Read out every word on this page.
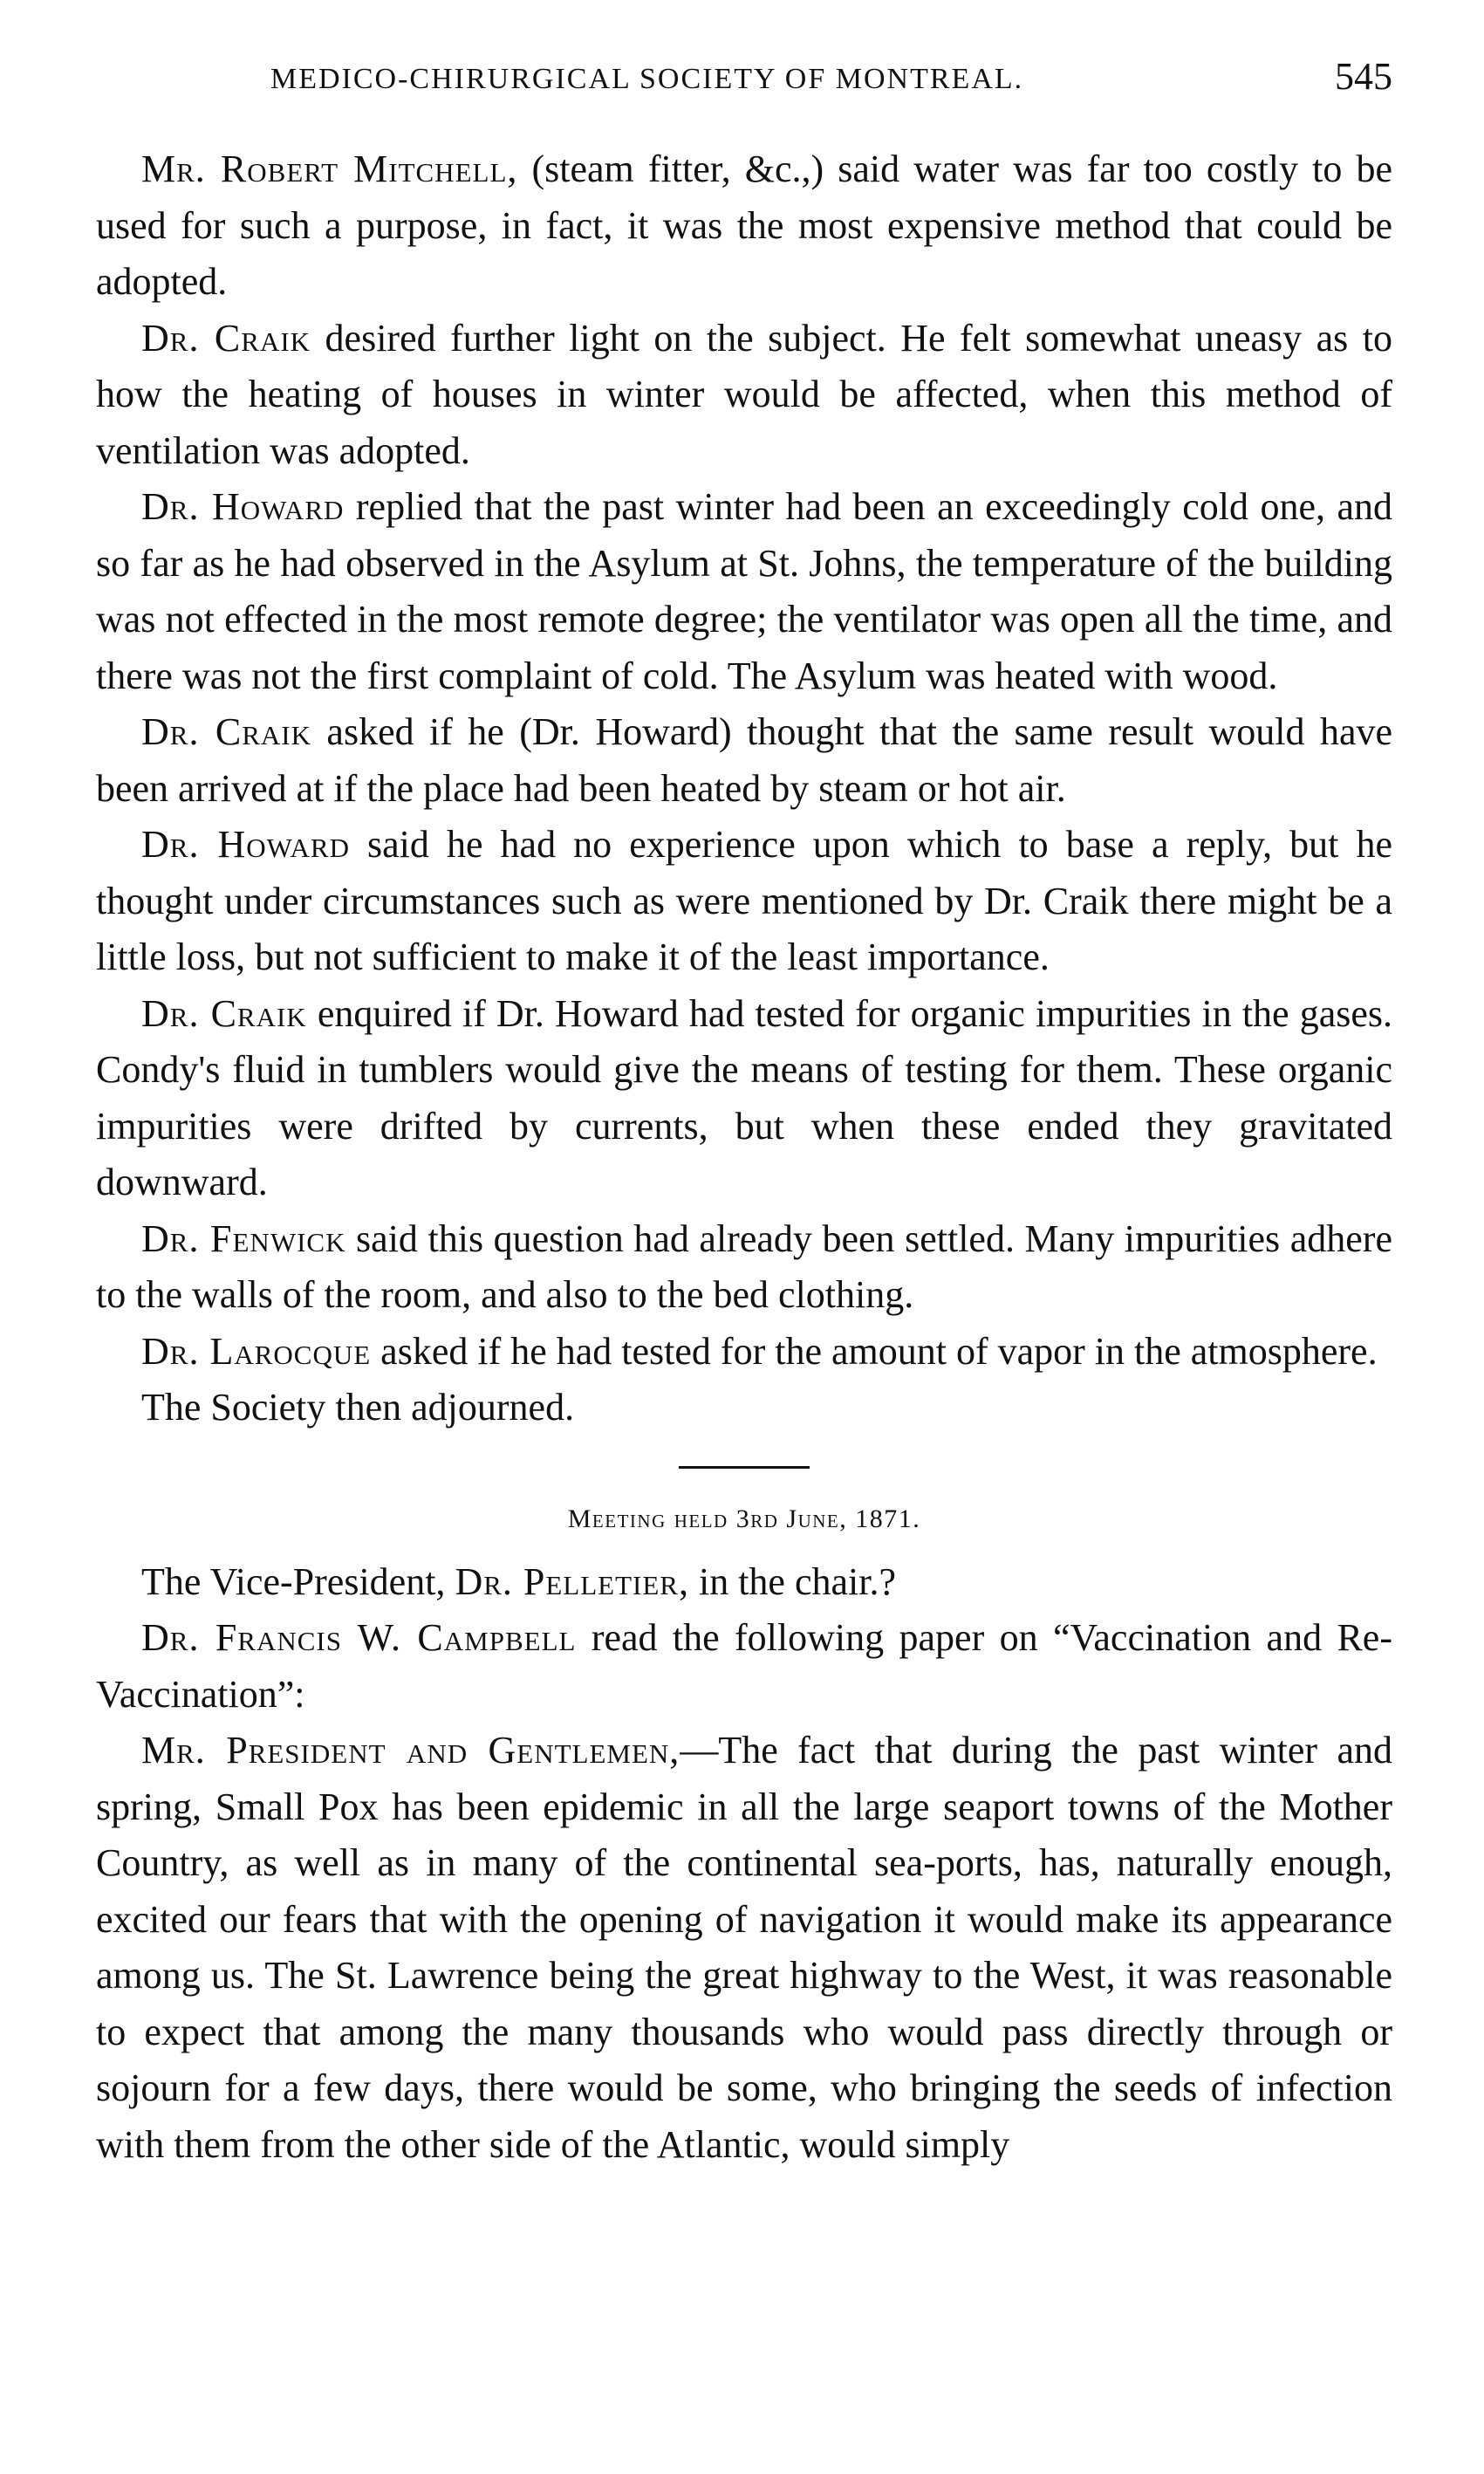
MEDICO-CHIRURGICAL SOCIETY OF MONTREAL.	545

Mr. Robert Mitchell, (steam fitter, &c.,) said water was far too costly to be used for such a purpose, in fact, it was the most expensive method that could be adopted.

Dr. Craik desired further light on the subject. He felt somewhat uneasy as to how the heating of houses in winter would be affected, when this method of ventilation was adopted.

Dr. Howard replied that the past winter had been an exceedingly cold one, and so far as he had observed in the Asylum at St. Johns, the temperature of the building was not effected in the most remote degree; the ventilator was open all the time, and there was not the first complaint of cold. The Asylum was heated with wood.

Dr. Craik asked if he (Dr. Howard) thought that the same result would have been arrived at if the place had been heated by steam or hot air.

Dr. Howard said he had no experience upon which to base a reply, but he thought under circumstances such as were mentioned by Dr. Craik there might be a little loss, but not sufficient to make it of the least importance.

Dr. Craik enquired if Dr. Howard had tested for organic impurities in the gases. Condy's fluid in tumblers would give the means of testing for them. These organic impurities were drifted by currents, but when these ended they gravitated downward.

Dr. Fenwick said this question had already been settled. Many impurities adhere to the walls of the room, and also to the bed clothing.

Dr. Larocque asked if he had tested for the amount of vapor in the atmosphere.

The Society then adjourned.

Meeting held 3rd June, 1871.

The Vice-President, Dr. Pelletier, in the chair.?

Dr. Francis W. Campbell read the following paper on “Vaccination and Re-Vaccination”:

Mr. President and Gentlemen,—The fact that during the past winter and spring, Small Pox has been epidemic in all the large seaport towns of the Mother Country, as well as in many of the continental sea-ports, has, naturally enough, excited our fears that with the opening of navigation it would make its appearance among us. The St. Lawrence being the great highway to the West, it was reasonable to expect that among the many thousands who would pass directly through or sojourn for a few days, there would be some, who bringing the seeds of infection with them from the other side of the Atlantic, would simply
